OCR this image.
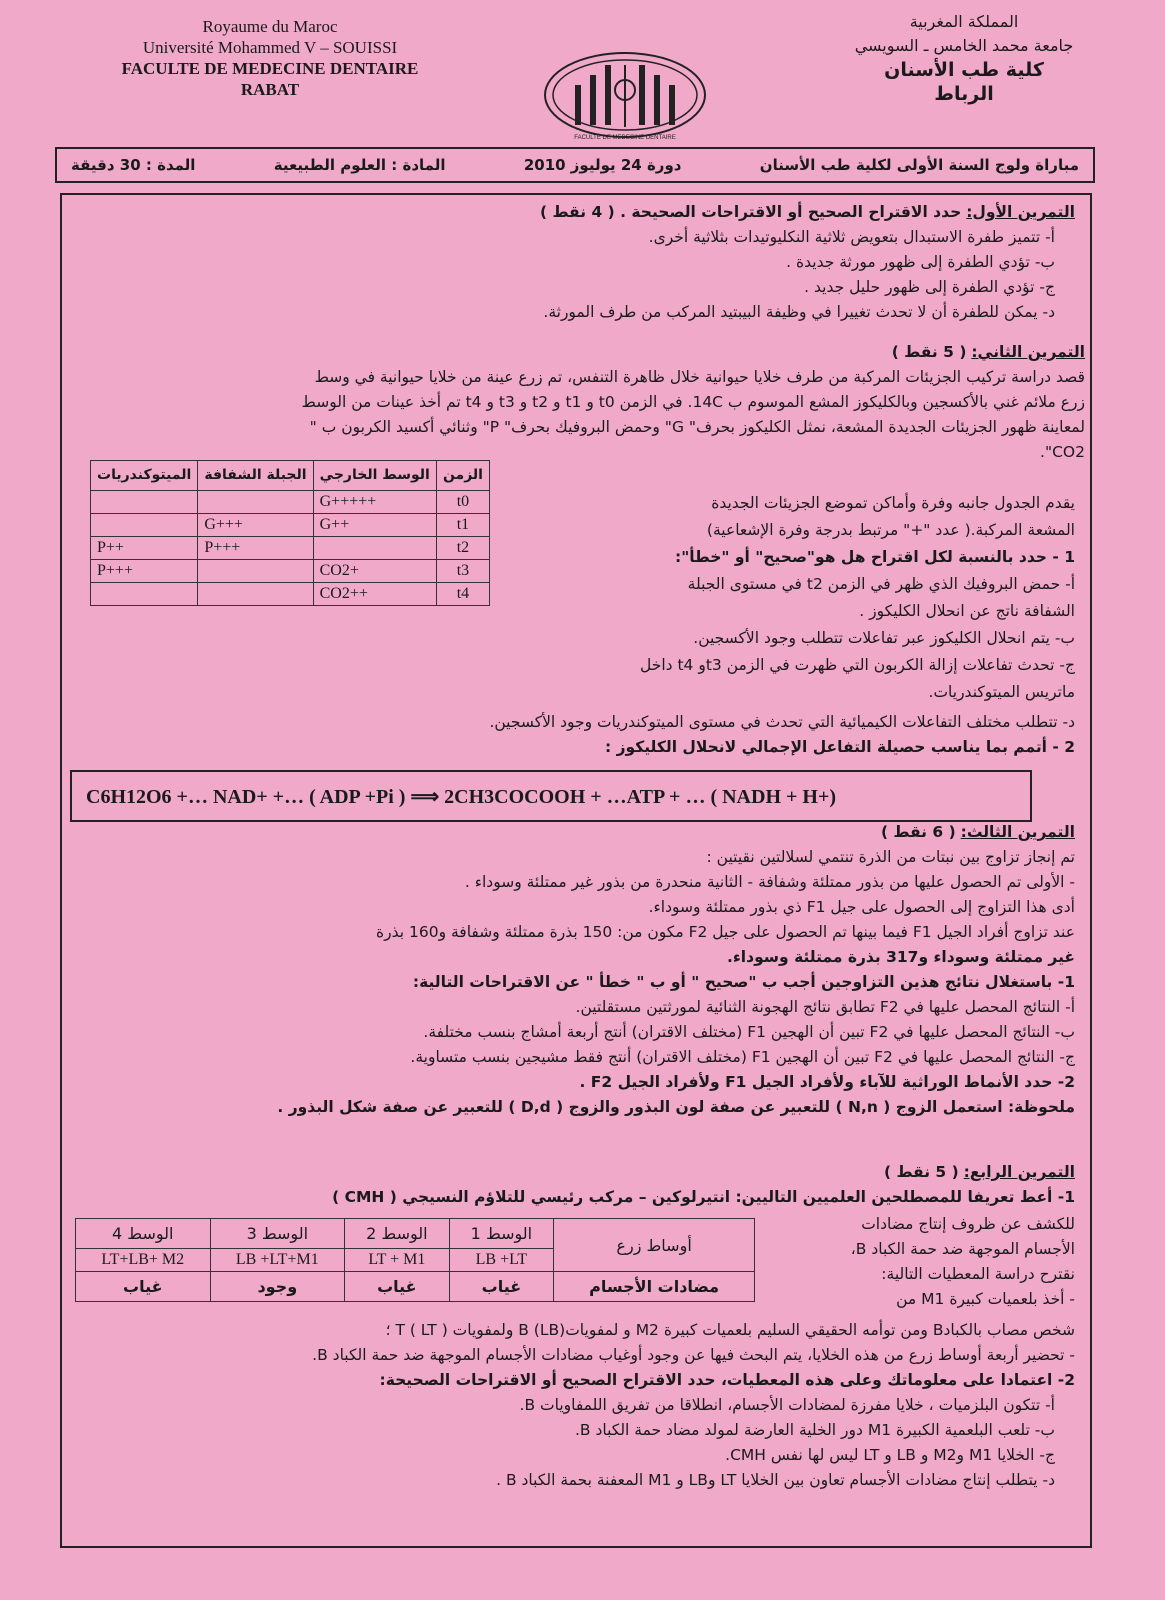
Royaume du Maroc
Université Mohammed V – SOUISSI
FACULTE DE MEDECINE DENTAIRE
RABAT
FACULTE DE MEDECINE DENTAIRE
المملكة المغربية
جامعة محمد الخامس ـ السويسي
كلية طب الأسنان
الرباط
مباراة ولوج السنة الأولى لكلية طب الأسنان
دورة 24 يوليوز 2010
المادة : العلوم الطبيعية
المدة : 30 دقيقة

التمرين الأول: حدد الاقتراح الصحيح أو الاقتراحات الصحيحة . ( 4 نقط )

أ- تتميز طفرة الاستبدال بتعويض ثلاثية النكليوتيدات بثلاثية أخرى.

ب- تؤدي الطفرة إلى ظهور مورثة جديدة .

ج- تؤدي الطفرة إلى ظهور حليل جديد .

د- يمكن للطفرة أن لا تحدث تغييرا في وظيفة البيبتيد المركب من طرف المورثة.

التمرين الثاني: ( 5 نقط )

قصد دراسة تركيب الجزيئات المركبة من طرف خلايا حيوانية خلال ظاهرة التنفس، تم زرع عينة من خلايا حيوانية في وسط

زرع ملائم غني بالأكسجين وبالكليكوز المشع الموسوم ب 14C. في الزمن t0 و t1 و t2 و t3 و t4 تم أخذ عينات من الوسط

لمعاينة ظهور الجزيئات الجديدة المشعة، نمثل الكليكوز بحرف" G" وحمض البروفيك بحرف" P" وثنائي أكسيد الكربون ب "

CO2".

الميتوكندريات	الجبلة الشفافة	الوسط الخارجي	الزمن
		G+++++	t0
	G+++	G++	t1
P++	P+++		t2
P+++		CO2+	t3
		CO2++	t4

يقدم الجدول جانبه وفرة وأماكن تموضع الجزيئات الجديدة

المشعة المركبة.( عدد "+" مرتبط بدرجة وفرة الإشعاعية)

1 - حدد بالنسبة لكل اقتراح هل هو"صحيح" أو "خطأ":

أ- حمض البروفيك الذي ظهر في الزمن t2 في مستوى الجبلة

الشفافة ناتج عن انحلال الكليكوز .

ب- يتم انحلال الكليكوز عبر تفاعلات تتطلب وجود الأكسجين.

ج- تحدث تفاعلات إزالة الكربون التي ظهرت في الزمن t3و t4 داخل

ماتريس الميتوكندريات.

د- تتطلب مختلف التفاعلات الكيميائية التي تحدث في مستوى الميتوكندريات وجود الأكسجين.

2 - أتمم بما يناسب حصيلة التفاعل الإجمالي لانحلال الكليكوز :

C6H12O6 +… NAD+ +… ( ADP +Pi ) ⟹ 2CH3COCOOH + …ATP + … ( NADH + H+)

التمرين الثالث: ( 6 نقط )

تم إنجاز تزاوج بين نبتات من الذرة تنتمي لسلالتين نقيتين :

- الأولى تم الحصول عليها من بذور ممتلئة وشفافة - الثانية منحدرة من بذور غير ممتلئة وسوداء .

أدى هذا التزاوج إلى الحصول على جيل F1 ذي بذور ممتلئة وسوداء.

عند تزاوج أفراد الجيل F1 فيما بينها تم الحصول على جيل F2 مكون من: 150 بذرة ممتلئة وشفافة و160 بذرة

غير ممتلئة وسوداء و317 بذرة ممتلئة وسوداء.

1- باستغلال نتائج هذين التزاوجين أجب ب "صحيح " أو ب " خطأ " عن الاقتراحات التالية:

أ- النتائج المحصل عليها في F2 تطابق نتائج الهجونة الثنائية لمورثتين مستقلتين.

ب- النتائج المحصل عليها في F2 تبين أن الهجين F1 (مختلف الاقتران) أنتج أربعة أمشاج بنسب مختلفة.

ج- النتائج المحصل عليها في F2 تبين أن الهجين F1 (مختلف الاقتران) أنتج فقط مشيجين بنسب متساوية.

2- حدد الأنماط الوراثية للآباء ولأفراد الجيل F1 ولأفراد الجيل F2 .

ملحوظة: استعمل الزوج ( N,n ) للتعبير عن صفة لون البذور والزوج ( D,d ) للتعبير عن صفة شكل البذور .

التمرين الرابع: ( 5 نقط )

1- أعط تعريفا للمصطلحين العلميين التاليين: انتيرلوكين – مركب رئيسي للتلاؤم النسيجي ( CMH )

الوسط 4	الوسط 3	الوسط 2	الوسط 1	أوساط زرع
LT+LB+ M2	LB +LT+M1	LT + M1	LB +LT	
غياب	وجود	غياب	غياب	مضادات الأجسام

للكشف عن ظروف إنتاج مضادات

الأجسام الموجهة ضد حمة الكباد B،

نقترح دراسة المعطيات التالية:

- أخذ بلعميات كبيرة M1 من

شخص مصاب بالكبادB ومن توأمه الحقيقي السليم بلعميات كبيرة M2 و لمفوياتB (LB) ولمفويات T ( LT ) ؛

- تحضير أربعة أوساط زرع من هذه الخلايا، يتم البحث فيها عن وجود أوغياب مضادات الأجسام الموجهة ضد حمة الكباد B.

2- اعتمادا على معلوماتك وعلى هذه المعطيات، حدد الاقتراح الصحيح أو الاقتراحات الصحيحة:

أ- تتكون البلزميات ، خلايا مفرزة لمضادات الأجسام، انطلاقا من تفريق اللمفاويات B.

ب- تلعب البلعمية الكبيرة M1 دور الخلية العارضة لمولد مضاد حمة الكباد B.

ج- الخلايا M1 وM2 و LB و LT ليس لها نفس CMH.

د- يتطلب إنتاج مضادات الأجسام تعاون بين الخلايا LT وLB و M1 المعفنة بحمة الكباد B .
